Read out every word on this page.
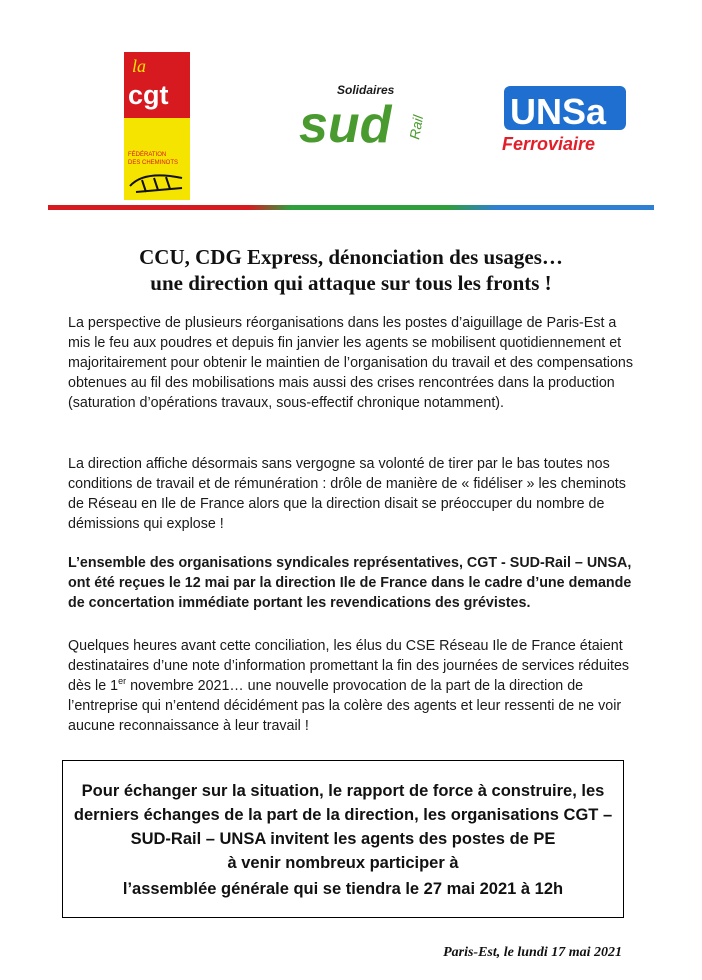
la
cgt
FÉDÉRATION
DES CHEMINOTS
Solidaires
sud Rail UNSa
Ferroviaire
CCU, CDG Express, dénonciation des usages…
une direction qui attaque sur tous les fronts !

La perspective de plusieurs réorganisations dans les postes d’aiguillage de Paris-Est a mis le feu aux poudres et depuis fin janvier les agents se mobilisent quotidiennement et majoritairement pour obtenir le maintien de l’organisation du travail et des compensations obtenues au fil des mobilisations mais aussi des crises rencontrées dans la production (saturation d’opérations travaux, sous-effectif chronique notamment).

La direction affiche désormais sans vergogne sa volonté de tirer par le bas toutes nos conditions de travail et de rémunération : drôle de manière de « fidéliser » les cheminots de Réseau en Ile de France alors que la direction disait se préoccuper du nombre de démissions qui explose !

L’ensemble des organisations syndicales représentatives, CGT - SUD-Rail – UNSA, ont été reçues le 12 mai par la direction Ile de France dans le cadre d’une demande de concertation immédiate portant les revendications des grévistes.

Quelques heures avant cette conciliation, les élus du CSE Réseau Ile de France étaient destinataires d’une note d’information promettant la fin des journées de services réduites dès le 1er novembre 2021… une nouvelle provocation de la part de la direction de l’entreprise qui n’entend décidément pas la colère des agents et leur ressenti de ne voir aucune reconnaissance à leur travail !

Pour échanger sur la situation, le rapport de force à construire, les

derniers échanges de la part de la direction, les organisations CGT –

SUD-Rail – UNSA invitent les agents des postes de PE

à venir nombreux participer à

l’assemblée générale qui se tiendra le 27 mai 2021 à 12h

Paris-Est, le lundi 17 mai 2021
